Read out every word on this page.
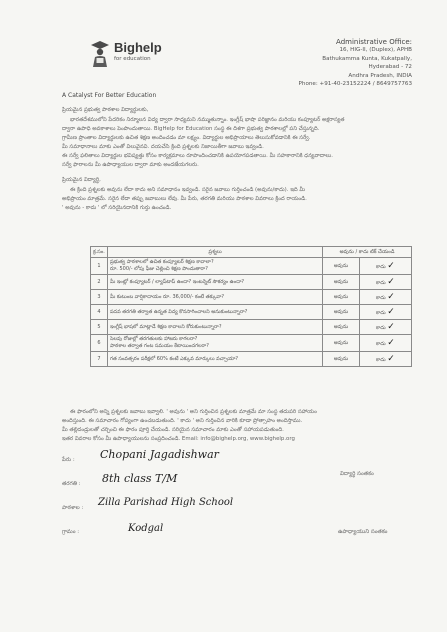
Bighelp
for education
A Catalyst For Better Education
Administrative Office:
16, HIG-II, (Duplex), APHB
Bathukamma Kunta, Kukatpally,
Hyderabad - 72
Andhra Pradesh, INDIA
Phone: +91-40-23152224 / 8649757763
ప్రియమైన ప్రభుత్వ పాఠశాల విద్యార్థులకు,
భారతదేశములోని పేదరికం నిర్మూలన విద్య ద్వారా సాధ్యమని నమ్ముతున్నాం. ఇంగ్లీష్ భాషా పరిజ్ఞానం మరియు కంప్యూటర్ అక్షరాస్యత
ద్వారా ఉపాధి అవకాశాలు పెంపొందుతాయి. BigHelp for Education సంస్థ ఈ దిశగా ప్రభుత్వ పాఠశాలల్లో పని చేస్తున్నది.
గ్రామీణ ప్రాంతాల విద్యార్థులకు ఉచిత శిక్షణ అందించడం మా లక్ష్యం. విద్యార్థుల అభిప్రాయాలు తెలుసుకోవడానికి ఈ సర్వే.
మీ సమాధానాలు మాకు ఎంతో విలువైనవి. దయచేసి క్రింది ప్రశ్నలకు నిజాయితీగా జవాబు ఇవ్వండి.
ఈ సర్వే ఫలితాలు విద్యార్థుల భవిష్యత్తు కోసం కార్యక్రమాలు రూపొందించడానికి ఉపయోగపడతాయి. మీ సహకారానికి ధన్యవాదాలు.
సర్వే ఫారాలను మీ ఉపాధ్యాయుల ద్వారా మాకు అందజేయగలరు.
ప్రియమైన విద్యార్థి,
ఈ క్రింది ప్రశ్నలకు అవును లేదా కాదు అని సమాధానం ఇవ్వండి. సరైన జవాబు గుర్తించండి (అవును/కాదు). ఇది మీ
అభిప్రాయం మాత్రమే. సరైన లేదా తప్పు జవాబులు లేవు. మీ పేరు, తరగతి మరియు పాఠశాల వివరాలు క్రింద రాయండి.
' అవును - కాదు ' లో సరియైనదానికి గుర్తు ఉంచండి.
క్ర.సం.	ప్రశ్నలు	అవును / కాదు టిక్ చేయండి	
1	ప్రభుత్వ పాఠశాలలో ఉచిత కంప్యూటర్ శిక్షణ కావాలా?
రూ. 500/- లోపు ఫీజు చెల్లించి శిక్షణ పొందుతారా?	అవును	కాదు ✓
2	మీ ఇంట్లో కంప్యూటర్ / ల్యాప్‌టాప్ ఉందా? ఇంటర్నెట్ సౌకర్యం ఉందా?	అవును	కాదు ✓
3	మీ కుటుంబ వార్షికాదాయం రూ. 36,000/- కంటే తక్కువా?	అవును	కాదు ✓
4	పదవ తరగతి తర్వాత ఉన్నత విద్య కొనసాగించాలని అనుకుంటున్నారా?	అవును	కాదు ✓
5	ఇంగ్లీష్ భాషలో మాట్లాడే శిక్షణ కావాలని కోరుకుంటున్నారా?	అవును	కాదు ✓
6	సెలవు రోజుల్లో తరగతులకు హాజరు కాగలరా?
పాఠశాల తర్వాత గంట సమయం కేటాయించగలరా?	అవును	కాదు ✓
7	గత సంవత్సరం పరీక్షలో 60% కంటే ఎక్కువ మార్కులు వచ్చాయా?	అవును	కాదు ✓
ఈ ఫారంలోని అన్ని ప్రశ్నలకు జవాబు ఇవ్వాలి. ' అవును ' అని గుర్తించిన ప్రశ్నలకు మాత్రమే మా సంస్థ తదుపరి సహాయం
అందిస్తుంది. ఈ సమాచారం గోప్యంగా ఉంచబడుతుంది. ' కాదు ' అని గుర్తించిన వారికి కూడా ప్రోత్సాహం అందిస్తాము.
మీ తల్లిదండ్రులతో చర్చించి ఈ ఫారం పూర్తి చేయండి. సరియైన సమాచారం మాకు ఎంతో సహాయపడుతుంది.
ఇతర వివరాల కోసం మీ ఉపాధ్యాయులను సంప్రదించండి. Email: info@bighelp.org, www.bighelp.org
పేరు : Chopani Jagadishwar
తరగతి : 8th class T/M
పాఠశాల : Zilla Parishad High School
గ్రామం :	Kodgal
విద్యార్థి సంతకం
ఉపాధ్యాయుని సంతకం
